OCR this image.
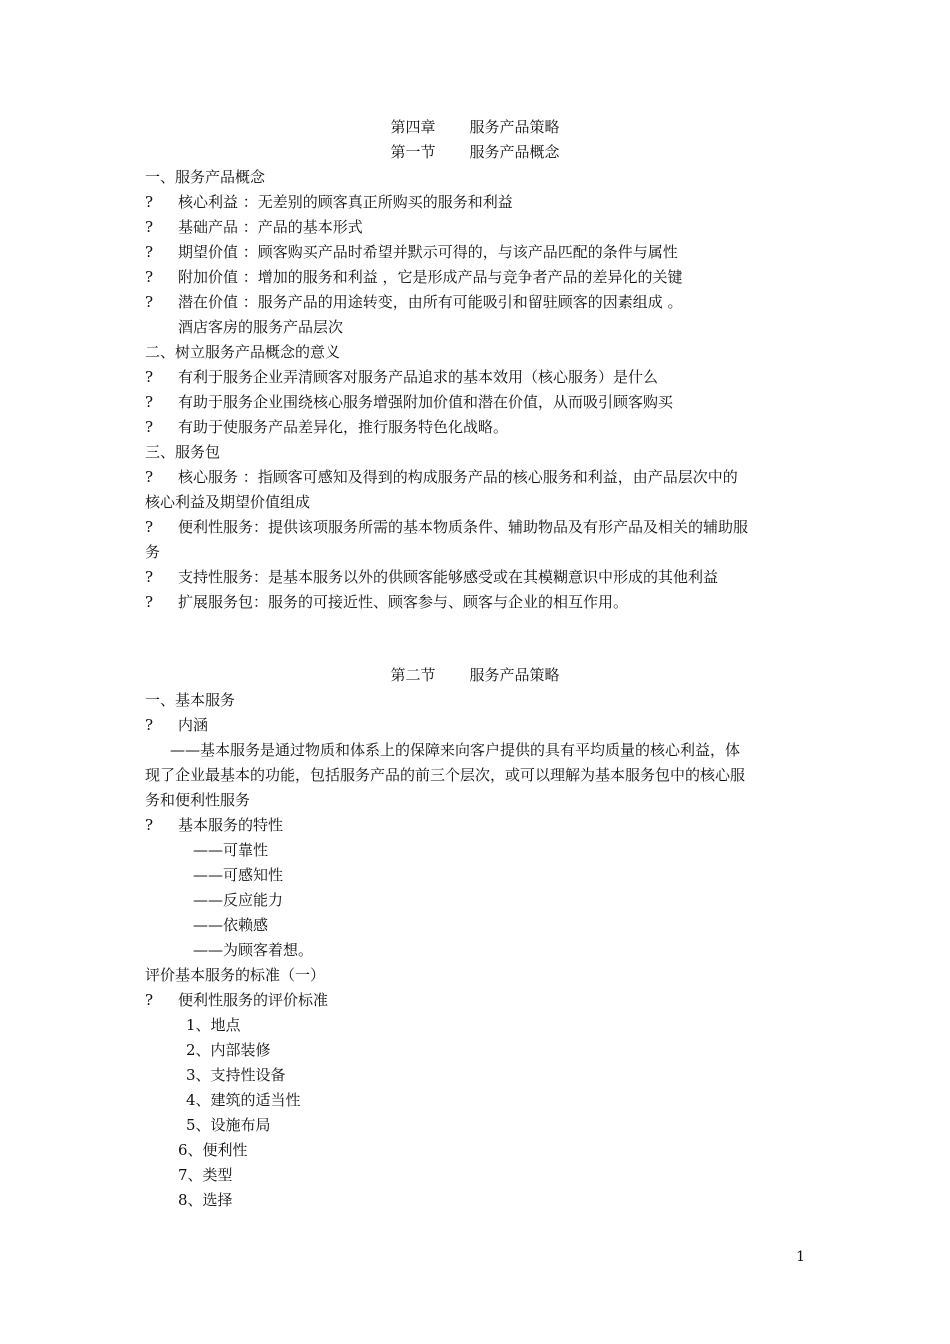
第四章 服务产品策略
第一节 服务产品概念
一、服务产品概念
?	核心利益 ：无差别的顾客真正所购买的服务和利益
?	基础产品 ：产品的基本形式
?	期望价值 ：顾客购买产品时希望并默示可得的，与该产品匹配的条件与属性
?	附加价值 ：增加的服务和利益 ，它是形成产品与竞争者产品的差异化的关键
?	潜在价值 ：服务产品的用途转变，由所有可能吸引和留驻顾客的因素组成 。
酒店客房的服务产品层次
二、树立服务产品概念的意义
?	有利于服务企业弄清顾客对服务产品追求的基本效用（核心服务）是什么
?	有助于服务企业围绕核心服务增强附加价值和潜在价值，从而吸引顾客购买
?	有助于使服务产品差异化，推行服务特色化战略。
三、服务包
?	核心服务 ：指顾客可感知及得到的构成服务产品的核心服务和利益，由产品层次中的
核心利益及期望价值组成
?	便利性服务：提供该项服务所需的基本物质条件、辅助物品及有形产品及相关的辅助服
务
?	支持性服务：是基本服务以外的供顾客能够感受或在其模糊意识中形成的其他利益
?	扩展服务包：服务的可接近性、顾客参与、顾客与企业的相互作用。
第二节 服务产品策略
一、基本服务
?	内涵
——基本服务是通过物质和体系上的保障来向客户提供的具有平均质量的核心利益，体
现了企业最基本的功能，包括服务产品的前三个层次，或可以理解为基本服务包中的核心服
务和便利性服务
?	基本服务的特性
——可靠性
——可感知性
——反应能力
——依赖感
——为顾客着想。
评价基本服务的标准（一）
?	便利性服务的评价标准
1、地点
2、内部装修
3、支持性设备
4、建筑的适当性
5、设施布局
6、便利性
7、类型
8、选择
1
